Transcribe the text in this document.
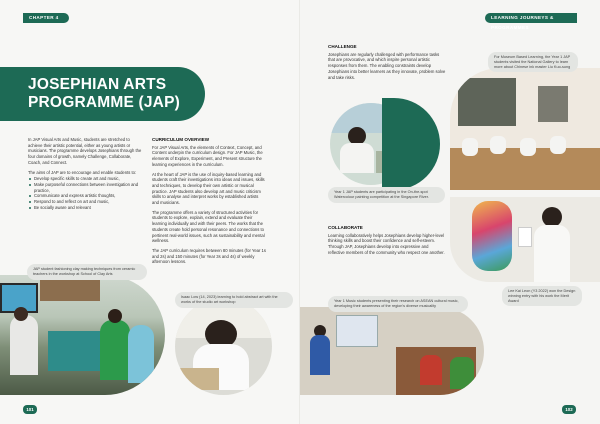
CHAPTER 4
JOSEPHIAN ARTS PROGRAMME (JAP)

In JAP Visual Arts and Music, students are stretched to achieve their artistic potential, either as young artists or musicians. The programme develops Josephians through the four domains of growth, namely Challenge, Collaborate, Coach, and Connect.

The aims of JAP are to encourage and enable students to:

Develop specific skills to create art and music,
Make purposeful connections between investigation and practice,
Communicate and express artistic thoughts,
Respond to and reflect on art and music,
Be socially aware and relevant
CURRICULUM OVERVIEW

For JAP Visual Arts, the elements of Context, Concept, and Content underpin the curriculum design. For JAP Music, the elements of Explore, Experiment, and Present structure the learning experiences in the curriculum.

At the heart of JAP is the use of inquiry-based learning and students craft their investigations into ideas and issues, skills and techniques, to develop their own artistic or musical practice. JAP students also develop art and music criticism skills to analyse and interpret works by established artists and musicians.

The programme offers a variety of structured activities for students to explore, explain, extend and evaluate their learning individually and with their peers. The works that the students create hold personal resonance and connections to pertinent real-world issues, such as sustainability and mental wellness.

The JAP curriculum requires between 80 minutes (for Year 1s and 2s) and 150 minutes (for Year 3s and 4s) of weekly afternoon lessons.

JAP student fashioning clay making techniques from ceramic teachers in the workshop at School of Clay Arts
Isaac Low (14, 2023) learning to hold abstract art with the works of the studio art workshop
101
LEARNING JOURNEYS & PROGRAMMES
CHALLENGE

Josephians are regularly challenged with performance tasks that are provocative, and which inspire personal artistic responses from them. The enabling constraints develop Josephians into better learners as they innovate, problem solve and take risks.

Year 1 JAP students are participating in the On-the-spot Watercolour painting competition at the Singapore River.
For Museum Based Learning, the Year 1 JAP students visited the National Gallery to learn more about Chinese ink master Liu Kuo-sung
COLLABORATE

Learning collaboratively helps Josephians develop higher-level thinking skills and boost their confidence and self-esteem. Through JAP, Josephians develop into expressive and reflective members of the community who respect one another.

Lee Kai Leon (Y3 2022) won the Design winning entry with his work the Merit Award
Year 1 Music students presenting their research on ASEAN cultural music, developing their awareness of the region's diverse musicality
102
